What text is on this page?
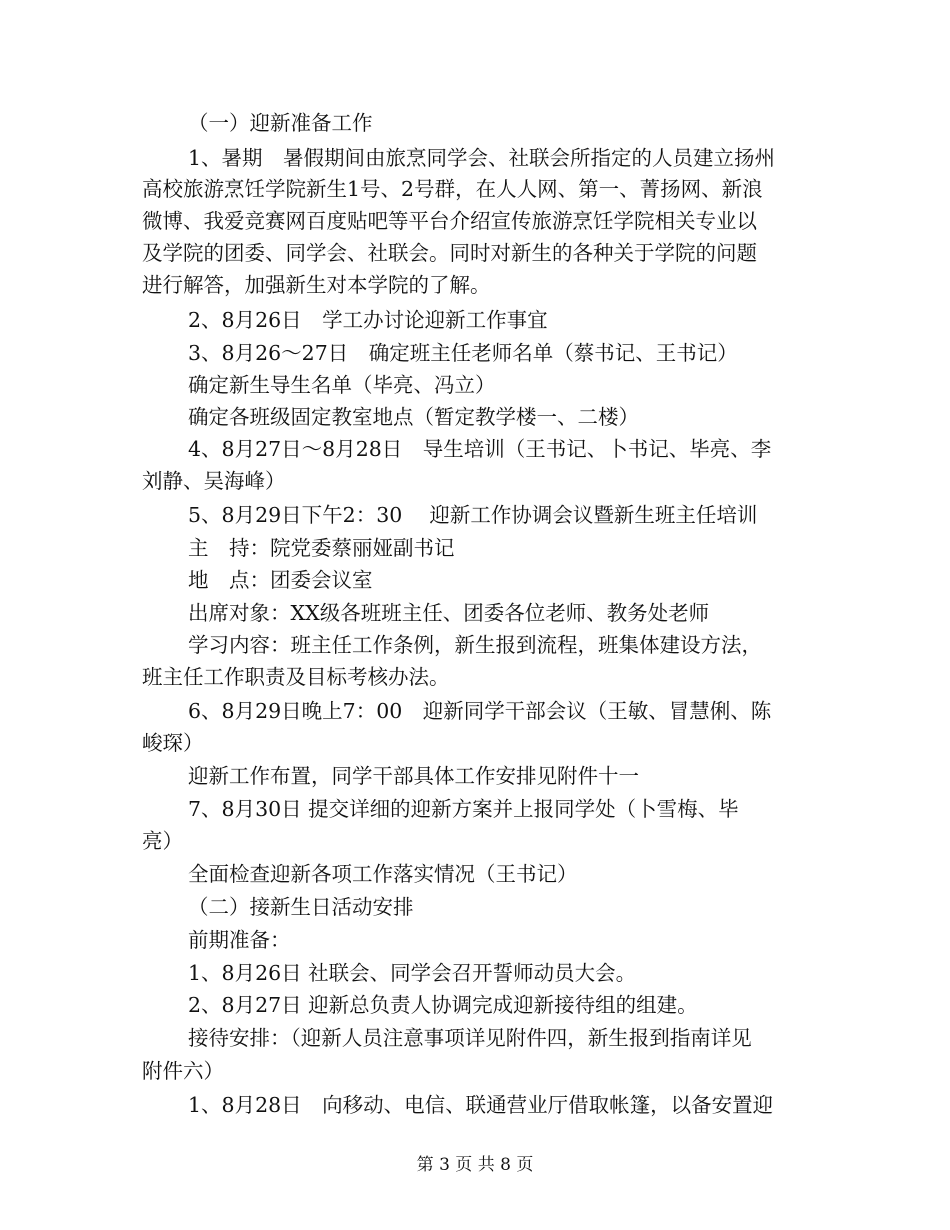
（一）迎新准备工作
1、暑期　暑假期间由旅烹同学会、社联会所指定的人员建立扬州
高校旅游烹饪学院新生1号、2号群，在人人网、第一、菁扬网、新浪
微博、我爱竞赛网百度贴吧等平台介绍宣传旅游烹饪学院相关专业以
及学院的团委、同学会、社联会。同时对新生的各种关于学院的问题
进行解答，加强新生对本学院的了解。
2、8月26日　学工办讨论迎新工作事宜
3、8月26～27日　确定班主任老师名单（蔡书记、王书记）
确定新生导生名单（毕亮、冯立）
确定各班级固定教室地点（暂定教学楼一、二楼）
4、8月27日～8月28日　导生培训（王书记、卜书记、毕亮、李
刘静、吴海峰）
5、8月29日下午2：30　 迎新工作协调会议暨新生班主任培训
主　持：院党委蔡丽娅副书记
地　点：团委会议室
出席对象：XX级各班班主任、团委各位老师、教务处老师
学习内容：班主任工作条例，新生报到流程，班集体建设方法，
班主任工作职责及目标考核办法。
6、8月29日晚上7：00　迎新同学干部会议（王敏、冒慧俐、陈
峻琛）
迎新工作布置，同学干部具体工作安排见附件十一
7、8月30日 提交详细的迎新方案并上报同学处（卜雪梅、毕
亮）
全面检查迎新各项工作落实情况（王书记）
（二）接新生日活动安排
前期准备：
1、8月26日 社联会、同学会召开誓师动员大会。
2、8月27日 迎新总负责人协调完成迎新接待组的组建。
接待安排：（迎新人员注意事项详见附件四，新生报到指南详见
附件六）
1、8月28日　向移动、电信、联通营业厅借取帐篷，以备安置迎
第 3 页 共 8 页
